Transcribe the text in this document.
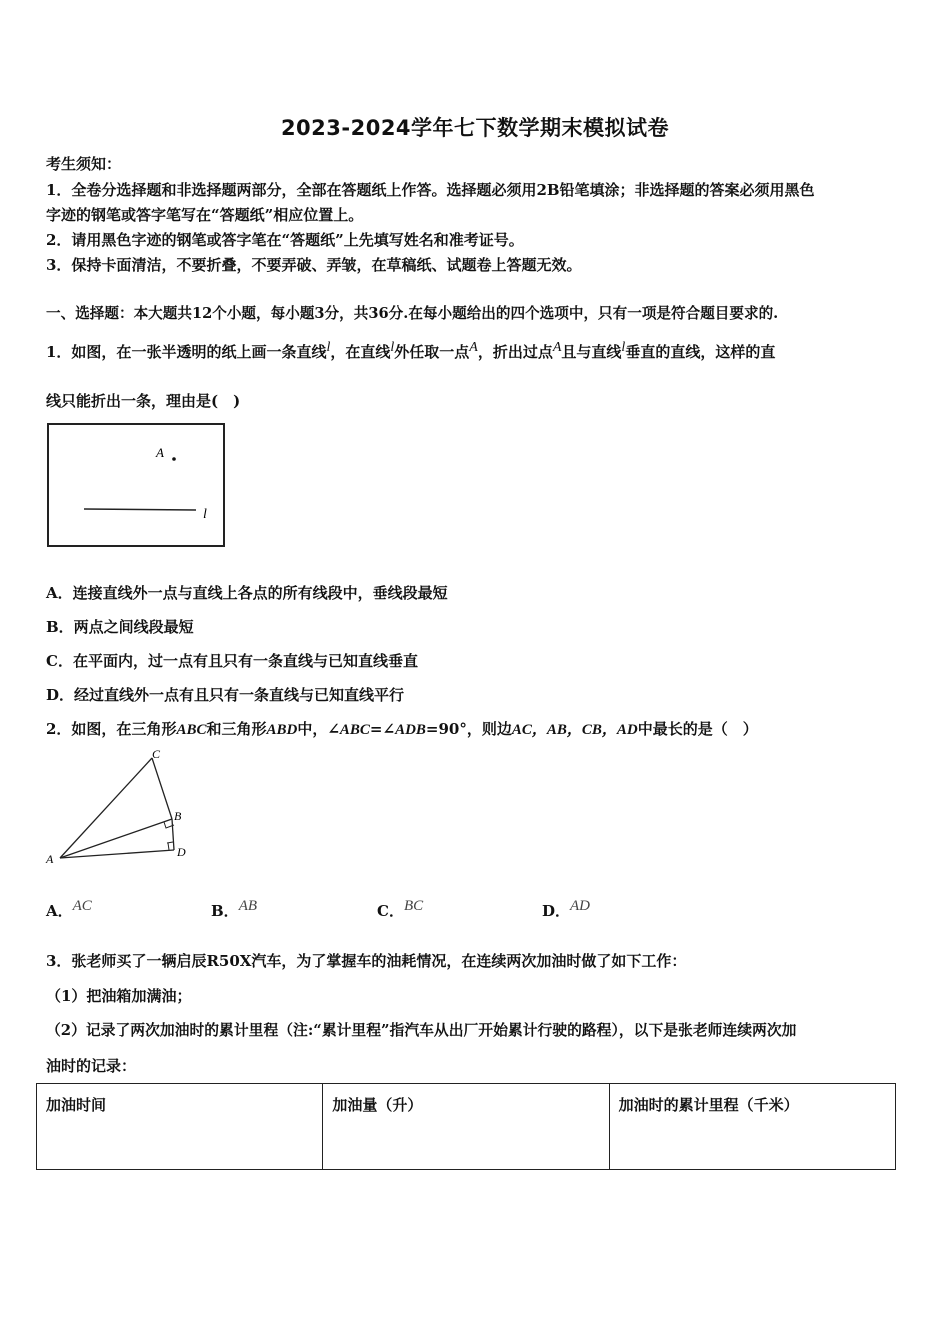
2023-2024学年七下数学期末模拟试卷
考生须知：
1．全卷分选择题和非选择题两部分，全部在答题纸上作答。选择题必须用2B铅笔填涂；非选择题的答案必须用黑色
字迹的钢笔或答字笔写在“答题纸”相应位置上。
2．请用黑色字迹的钢笔或答字笔在“答题纸”上先填写姓名和准考证号。
3．保持卡面清洁，不要折叠，不要弄破、弄皱，在草稿纸、试题卷上答题无效。
一、选择题：本大题共12个小题，每小题3分，共36分.在每小题给出的四个选项中，只有一项是符合题目要求的.
1．如图，在一张半透明的纸上画一条直线$^l$，在直线$^l$外任取一点$^A$，折出过点$^A$且与直线$^l$垂直的直线，这样的直
线只能折出一条，理由是(　)
A
l
A．连接直线外一点与直线上各点的所有线段中，垂线段最短
B．两点之间线段最短
C．在平面内，过一点有且只有一条直线与已知直线垂直
D．经过直线外一点有且只有一条直线与已知直线平行
2．如图，在三角形ABC和三角形ABD中，∠ABC=∠ADB=90°，则边AC，AB，CB，AD中最长的是（　）
C
B
A	D
A．$^{AC}$	B．$^{AB}$	C．$^{BC}$	D．$^{AD}$
3．张老师买了一辆启辰R50X汽车，为了掌握车的油耗情况，在连续两次加油时做了如下工作：
（1）把油箱加满油；
（2）记录了两次加油时的累计里程（注:“累计里程”指汽车从出厂开始累计行驶的路程），以下是张老师连续两次加
油时的记录：
加油时间	加油量（升）	加油时的累计里程（千米）
